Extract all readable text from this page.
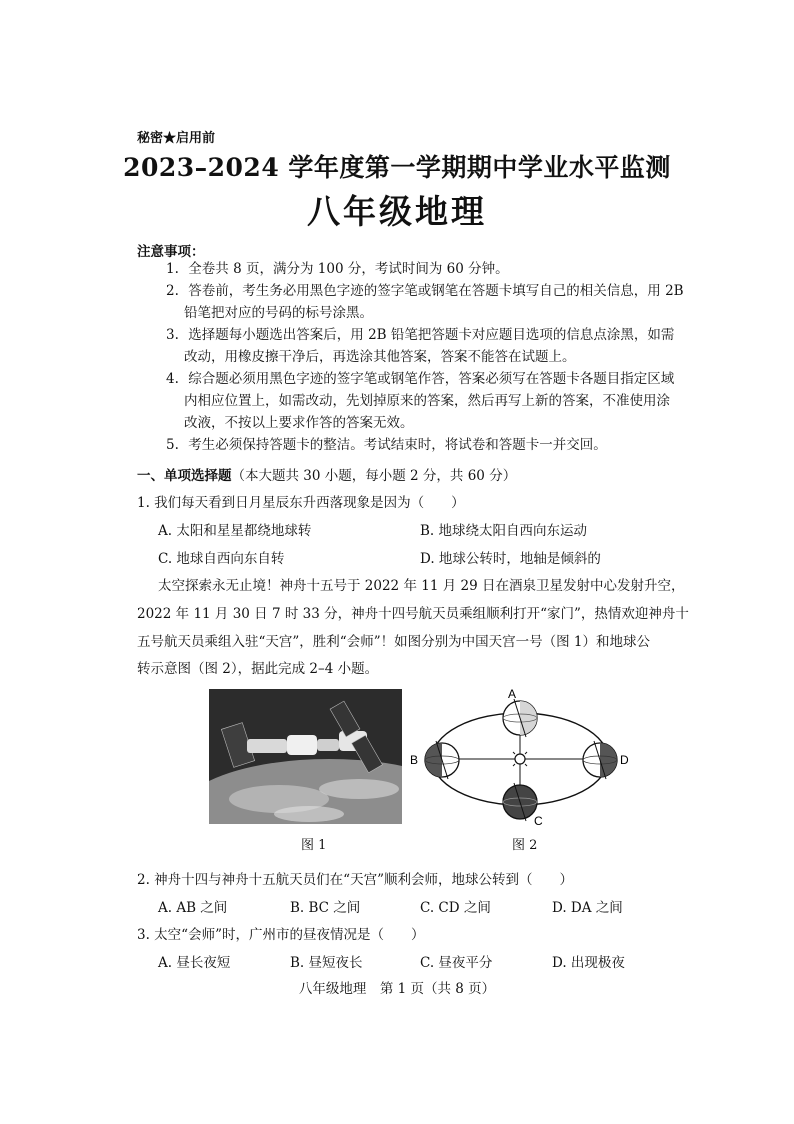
秘密★启用前
2023–2024 学年度第一学期期中学业水平监测
八年级地理
注意事项：
1. 全卷共 8 页，满分为 100 分，考试时间为 60 分钟。
2. 答卷前，考生务必用黑色字迹的签字笔或钢笔在答题卡填写自己的相关信息，用 2B
铅笔把对应的号码的标号涂黑。
3. 选择题每小题选出答案后，用 2B 铅笔把答题卡对应题目选项的信息点涂黑，如需
改动，用橡皮擦干净后，再选涂其他答案，答案不能答在试题上。
4. 综合题必须用黑色字迹的签字笔或钢笔作答，答案必须写在答题卡各题目指定区域
内相应位置上，如需改动，先划掉原来的答案，然后再写上新的答案，不准使用涂
改液，不按以上要求作答的答案无效。
5. 考生必须保持答题卡的整洁。考试结束时，将试卷和答题卡一并交回。
一、单项选择题（本大题共 30 小题，每小题 2 分，共 60 分）
1. 我们每天看到日月星辰东升西落现象是因为（　　）
A. 太阳和星星都绕地球转	B. 地球绕太阳自西向东运动
C. 地球自西向东自转	D. 地球公转时，地轴是倾斜的
太空探索永无止境！神舟十五号于 2022 年 11 月 29 日在酒泉卫星发射中心发射升空，
2022 年 11 月 30 日 7 时 33 分，神舟十四号航天员乘组顺利打开“家门”，热情欢迎神舟十
五号航天员乘组入驻“天宫”，胜利“会师”！如图分别为中国天宫一号（图 1）和地球公
转示意图（图 2），据此完成 2–4 小题。
A
B
C
D
图 1	图 2
2. 神舟十四与神舟十五航天员们在“天宫”顺利会师，地球公转到（　　）
A. AB 之间	B. BC 之间	C. CD 之间	D. DA 之间
3. 太空“会师”时，广州市的昼夜情况是（　　）
A. 昼长夜短	B. 昼短夜长	C. 昼夜平分	D. 出现极夜
八年级地理　第 1 页（共 8 页）
